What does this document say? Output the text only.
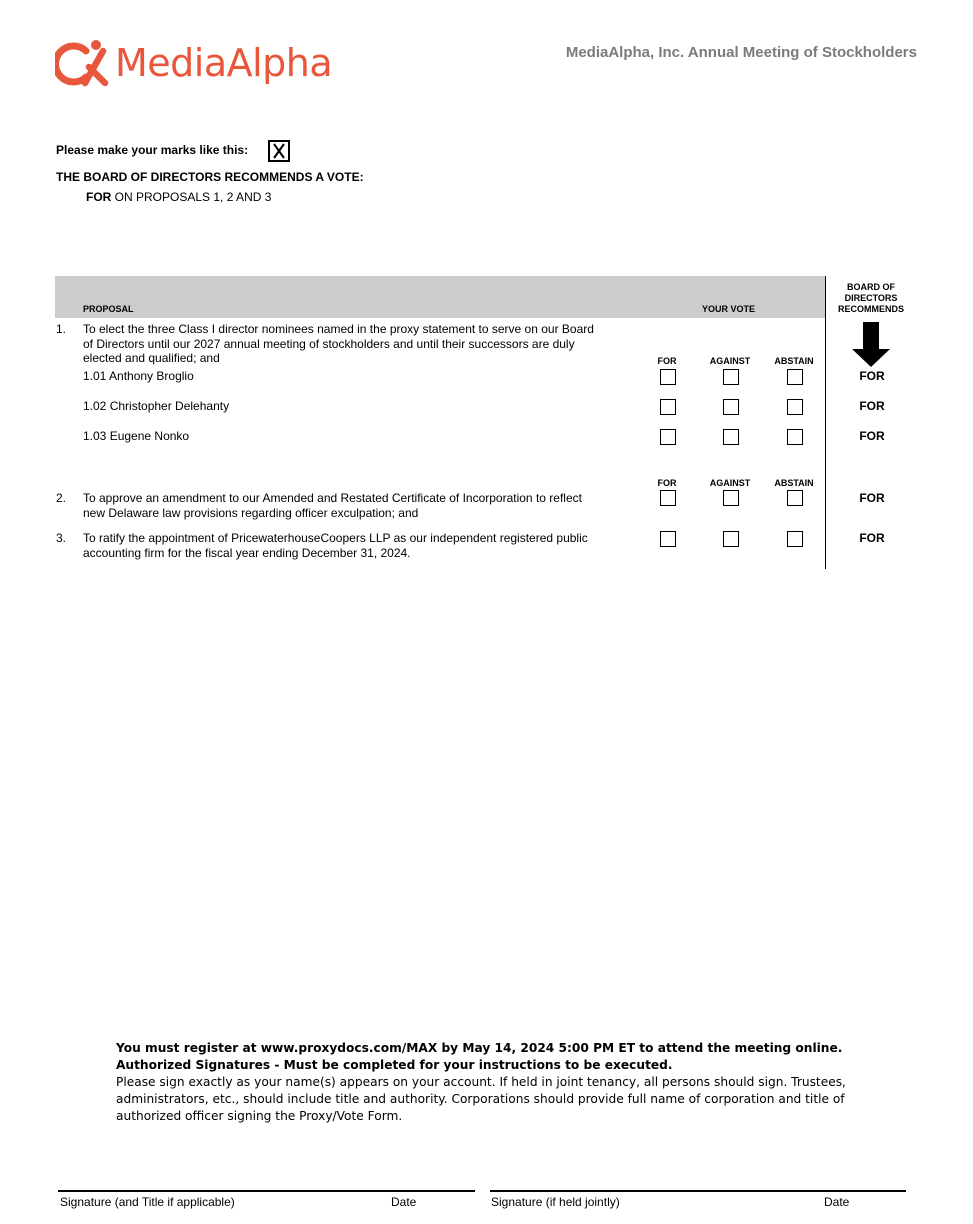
MediaAlpha	MediaAlpha, Inc. Annual Meeting of Stockholders
Please make your marks like this:
THE BOARD OF DIRECTORS RECOMMENDS A VOTE:
FOR ON PROPOSALS 1, 2 AND 3
PROPOSAL	YOUR VOTE
BOARD OF
DIRECTORS
RECOMMENDS
1. To elect the three Class I director nominees named in the proxy statement to serve on our Board
of Directors until our 2027 annual meeting of stockholders and until their successors are duly
elected and qualified; and	FOR	AGAINST	ABSTAIN
1.01 Anthony Broglio	FOR
1.02 Christopher Delehanty	FOR
1.03 Eugene Nonko	FOR
FOR	AGAINST	ABSTAIN
2. To approve an amendment to our Amended and Restated Certificate of Incorporation to reflect
new Delaware law provisions regarding officer exculpation; and
FOR
3. To ratify the appointment of PricewaterhouseCoopers LLP as our independent registered public
accounting firm for the fiscal year ending December 31, 2024.
FOR
You must register at www.proxydocs.com/MAX by May 14, 2024 5:00 PM ET to attend the meeting online.
Authorized Signatures - Must be completed for your instructions to be executed.
Please sign exactly as your name(s) appears on your account. If held in joint tenancy, all persons should sign. Trustees,
administrators, etc., should include title and authority. Corporations should provide full name of corporation and title of
authorized officer signing the Proxy/Vote Form.
Signature (and Title if applicable)	Date	Signature (if held jointly)	Date
